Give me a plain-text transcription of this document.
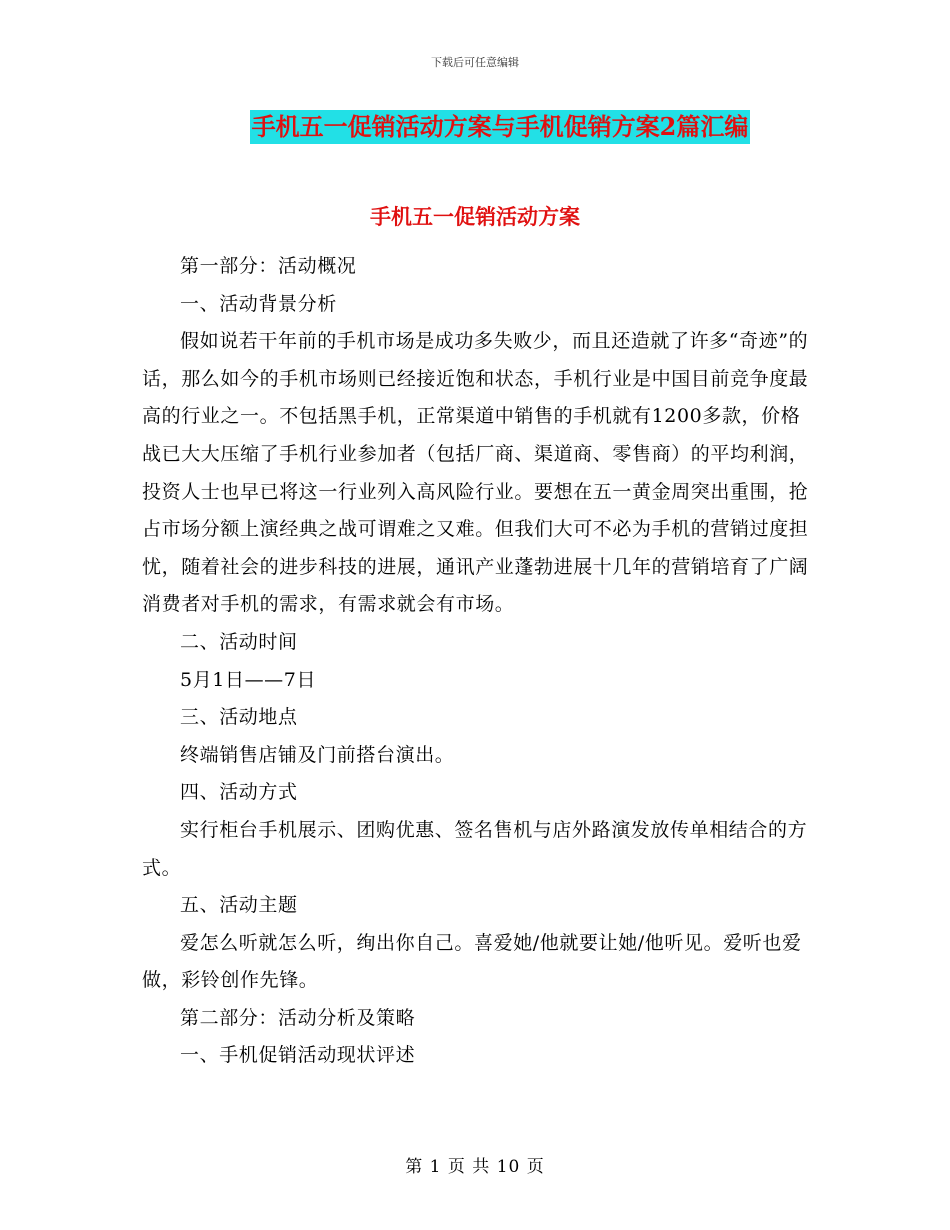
下载后可任意编辑
手机五一促销活动方案与手机促销方案2篇汇编
手机五一促销活动方案

第一部分：活动概况

一、活动背景分析

假如说若干年前的手机市场是成功多失败少，而且还造就了许多“奇迹”的话，那么如今的手机市场则已经接近饱和状态，手机行业是中国目前竞争度最高的行业之一。不包括黑手机，正常渠道中销售的手机就有1200多款，价格战已大大压缩了手机行业参加者（包括厂商、渠道商、零售商）的平均利润，投资人士也早已将这一行业列入高风险行业。要想在五一黄金周突出重围，抢占市场分额上演经典之战可谓难之又难。但我们大可不必为手机的营销过度担忧，随着社会的进步科技的进展，通讯产业蓬勃进展十几年的营销培育了广阔消费者对手机的需求，有需求就会有市场。

二、活动时间

5月1日——7日

三、活动地点

终端销售店铺及门前搭台演出。

四、活动方式

实行柜台手机展示、团购优惠、签名售机与店外路演发放传单相结合的方式。

五、活动主题

爱怎么听就怎么听，绚出你自己。喜爱她/他就要让她/他听见。爱听也爱做，彩铃创作先锋。

第二部分：活动分析及策略

一、手机促销活动现状评述

第 1 页 共 10 页
